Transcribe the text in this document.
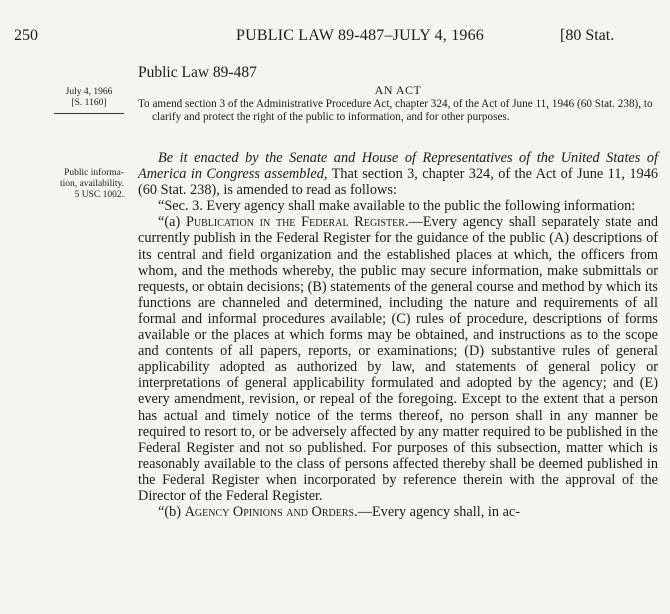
250	PUBLIC LAW 89-487–JULY 4, 1966	[80 Stat.
July 4, 1966
[S. 1160]
Public informa-
tion, availability.
5 USC 1002.
Public Law 89-487
AN ACT
To amend section 3 of the Administrative Procedure Act, chapter 324, of the Act of June 11, 1946 (60 Stat. 238), to clarify and protect the right of the public to information, and for other purposes.

Be it enacted by the Senate and House of Representatives of the United States of America in Congress assembled, That section 3, chapter 324, of the Act of June 11, 1946 (60 Stat. 238), is amended to read as follows:

“Sec. 3. Every agency shall make available to the public the following information:

“(a) Publication in the Federal Register.—Every agency shall separately state and currently publish in the Federal Register for the guidance of the public (A) descriptions of its central and field organization and the established places at which, the officers from whom, and the methods whereby, the public may secure information, make submittals or requests, or obtain decisions; (B) statements of the general course and method by which its functions are channeled and determined, including the nature and requirements of all formal and informal procedures available; (C) rules of procedure, descriptions of forms available or the places at which forms may be obtained, and instructions as to the scope and contents of all papers, reports, or examinations; (D) substantive rules of general applicability adopted as authorized by law, and statements of general policy or interpretations of general applicability formulated and adopted by the agency; and (E) every amendment, revision, or repeal of the foregoing. Except to the extent that a person has actual and timely notice of the terms thereof, no person shall in any manner be required to resort to, or be adversely affected by any matter required to be published in the Federal Register and not so published. For purposes of this subsection, matter which is reasonably available to the class of persons affected thereby shall be deemed published in the Federal Register when incorporated by reference therein with the approval of the Director of the Federal Register.

“(b) Agency Opinions and Orders.—Every agency shall, in ac-
